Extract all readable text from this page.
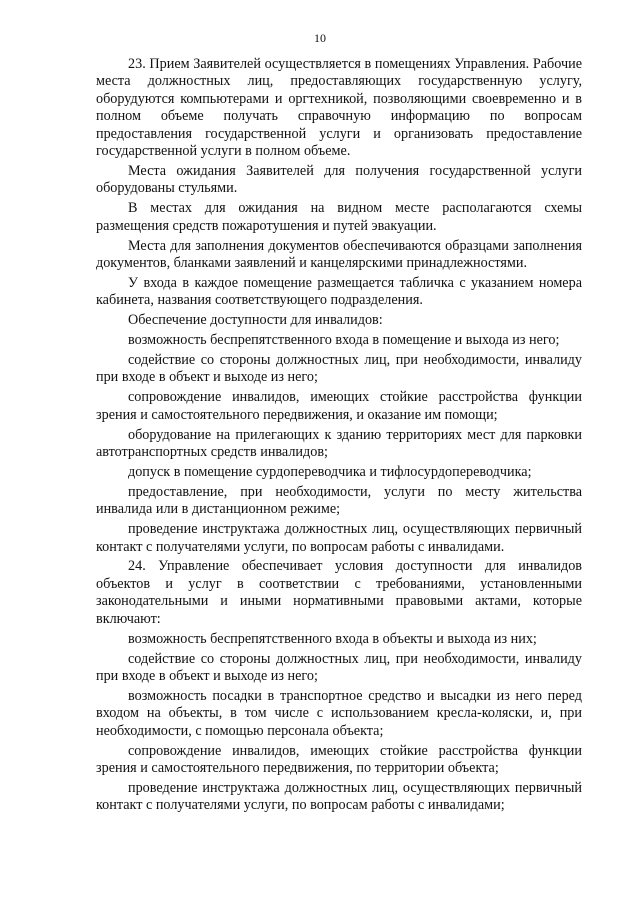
10

23. Прием Заявителей осуществляется в помещениях Управления. Рабочие места должностных лиц, предоставляющих государственную услугу, оборудуются компьютерами и оргтехникой, позволяющими своевременно и в полном объеме получать справочную информацию по вопросам предоставления государственной услуги и организовать предоставление государственной услуги в полном объеме.

Места ожидания Заявителей для получения государственной услуги оборудованы стульями.

В местах для ожидания на видном месте располагаются схемы размещения средств пожаротушения и путей эвакуации.

Места для заполнения документов обеспечиваются образцами заполнения документов, бланками заявлений и канцелярскими принадлежностями.

У входа в каждое помещение размещается табличка с указанием номера кабинета, названия соответствующего подразделения.

Обеспечение доступности для инвалидов:

возможность беспрепятственного входа в помещение и выхода из него;

содействие со стороны должностных лиц, при необходимости, инвалиду при входе в объект и выходе из него;

сопровождение инвалидов, имеющих стойкие расстройства функции зрения и самостоятельного передвижения, и оказание им помощи;

оборудование на прилегающих к зданию территориях мест для парковки автотранспортных средств инвалидов;

допуск в помещение сурдопереводчика и тифлосурдопереводчика;

предоставление, при необходимости, услуги по месту жительства инвалида или в дистанционном режиме;

проведение инструктажа должностных лиц, осуществляющих первичный контакт с получателями услуги, по вопросам работы с инвалидами.

24. Управление обеспечивает условия доступности для инвалидов объектов и услуг в соответствии с требованиями, установленными законодательными и иными нормативными правовыми актами, которые включают:

возможность беспрепятственного входа в объекты и выхода из них;

содействие со стороны должностных лиц, при необходимости, инвалиду при входе в объект и выходе из него;

возможность посадки в транспортное средство и высадки из него перед входом на объекты, в том числе с использованием кресла-коляски, и, при необходимости, с помощью персонала объекта;

сопровождение инвалидов, имеющих стойкие расстройства функции зрения и самостоятельного передвижения, по территории объекта;

проведение инструктажа должностных лиц, осуществляющих первичный контакт с получателями услуги, по вопросам работы с инвалидами;
